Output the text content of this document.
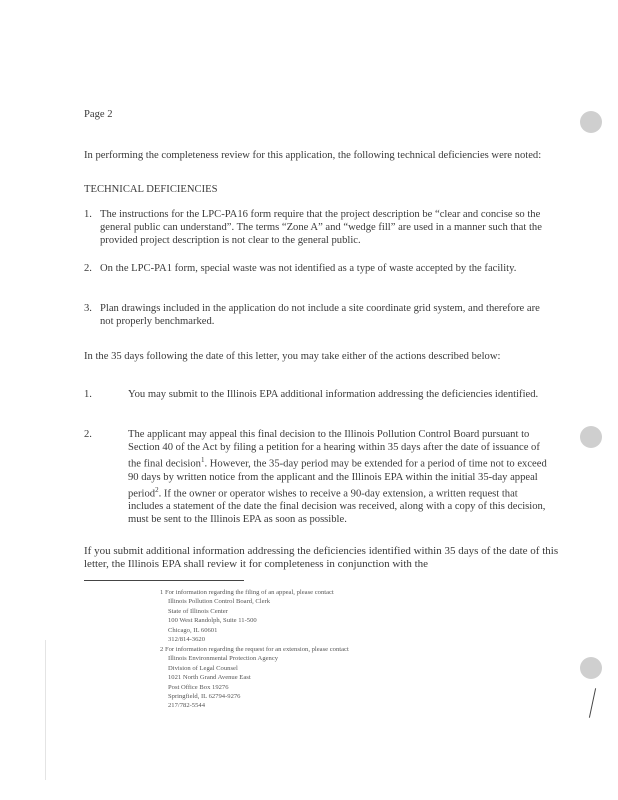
Page 2

In performing the completeness review for this application, the following technical deficiencies were noted:

TECHNICAL DEFICIENCIES

1. The instructions for the LPC-PA16 form require that the project description be “clear and concise so the general public can understand”. The terms “Zone A” and “wedge fill” are used in a manner such that the provided project description is not clear to the general public.

2. On the LPC-PA1 form, special waste was not identified as a type of waste accepted by the facility.

3. Plan drawings included in the application do not include a site coordinate grid system, and therefore are not properly benchmarked.

In the 35 days following the date of this letter, you may take either of the actions described below:

1.	You may submit to the Illinois EPA additional information addressing the deficiencies identified.

2.	The applicant may appeal this final decision to the Illinois Pollution Control Board pursuant to Section 40 of the Act by filing a petition for a hearing within 35 days after the date of issuance of the final decision$^1$. However, the 35-day period may be extended for a period of time not to exceed 90 days by written notice from the applicant and the Illinois EPA within the initial 35-day appeal period$^2$. If the owner or operator wishes to receive a 90-day extension, a written request that includes a statement of the date the final decision was received, along with a copy of this decision, must be sent to the Illinois EPA as soon as possible.

If you submit additional information addressing the deficiencies identified within 35 days of the date of this letter, the Illinois EPA shall review it for completeness in conjunction with the

1 For information regarding the filing of an appeal, please contact
Illinois Pollution Control Board, Clerk
State of Illinois Center
100 West Randolph, Suite 11-500
Chicago, IL 60601
312/814-3620
2 For information regarding the request for an extension, please contact
Illinois Environmental Protection Agency
Division of Legal Counsel
1021 North Grand Avenue East
Post Office Box 19276
Springfield, IL 62794-9276
217/782-5544
